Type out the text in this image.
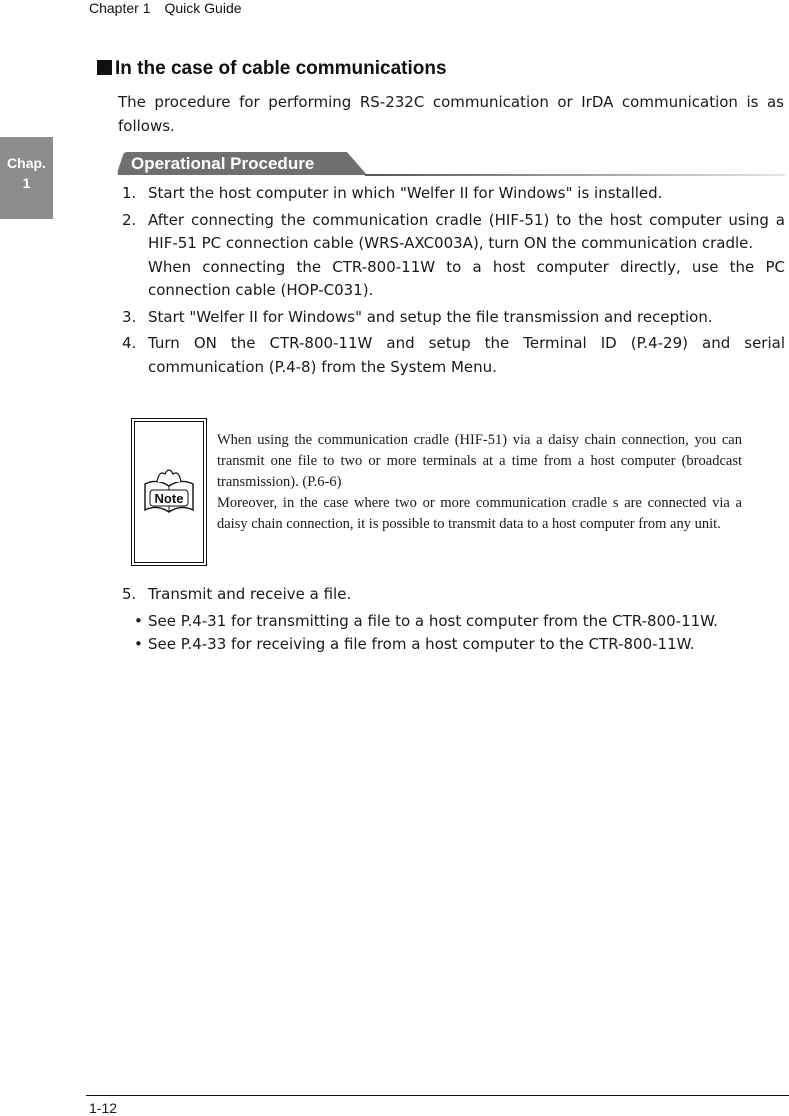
Chapter 1 Quick Guide
Chap.
1
In the case of cable communications
The procedure for performing RS-232C communication or IrDA communication is as follows.
Operational Procedure
1. Start the host computer in which "Welfer II for Windows" is installed.
2. After connecting the communication cradle (HIF-51) to the host computer using a HIF-51 PC connection cable (WRS-AXC003A), turn ON the communication cradle.
When connecting the CTR-800-11W to a host computer directly, use the PC connection cable (HOP-C031).
3. Start "Welfer II for Windows" and setup the file transmission and reception.
4. Turn ON the CTR-800-11W and setup the Terminal ID (P.4-29) and serial communication (P.4-8) from the System Menu.
Note

When using the communication cradle (HIF-51) via a daisy chain connection, you can transmit one file to two or more terminals at a time from a host computer (broadcast transmission). (P.6-6)

Moreover, in the case where two or more communication cradle s are connected via a daisy chain connection, it is possible to transmit data to a host computer from any unit.

5. Transmit and receive a file.
• See P.4-31 for transmitting a file to a host computer from the CTR-800-11W.
• See P.4-33 for receiving a file from a host computer to the CTR-800-11W.
1-12
